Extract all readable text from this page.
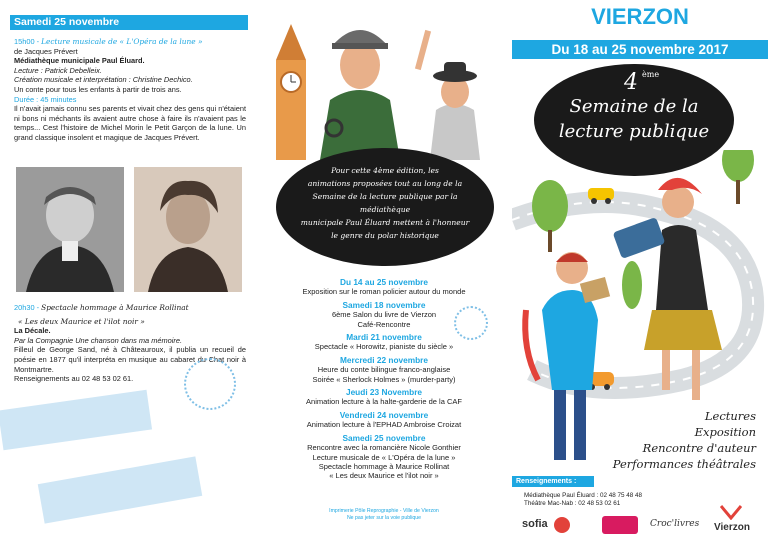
Samedi 25 novembre
15h00 - Lecture musicale de « L'Opéra de la lune »
de Jacques Prévert
Médiathèque municipale Paul Éluard.
Lecture : Patrick Debelleix.
Création musicale et interprétation : Christine Dechico.
Un conte pour tous les enfants à partir de trois ans.
Durée : 45 minutes
Il n'avait jamais connu ses parents et vivait chez des gens qui n'étaient ni bons ni méchants ils avaient autre chose à faire ils n'avaient pas le temps... Cest l'histoire de Michel Morin le Petit Garçon de la lune. Un grand classique insolent et magique de Jacques Prévert.
20h30 - Spectacle hommage à Maurice Rollinat
« Les deux Maurice et l'ilot noir »
La Décale.
Par la Compagnie Une chanson dans ma mémoire.
Filleul de George Sand, né à Châteauroux, il publia un recueil de poésie en 1877 qu'il interpréta en musique au cabaret du Chat noir à Montmartre.
Renseignements au 02 48 53 02 61.
Pour cette 4ème édition, les
animations proposées tout au long de la
Semaine de la lecture publique par la médiathèque
municipale Paul Éluard mettent à l'honneur
le genre du polar historique
Du 14 au 25 novembre
Exposition sur le roman policier autour du monde
Samedi 18 novembre
6ème Salon du livre de Vierzon
Café-Rencontre
Mardi 21 novembre
Spectacle « Horowitz, pianiste du siècle »
Mercredi 22 novembre
Heure du conte bilingue franco-anglaise
Soirée « Sherlock Holmes » (murder-party)
Jeudi 23 Novembre
Animation lecture à la halte-garderie de la CAF
Vendredi 24 novembre
Animation lecture à l'EPHAD Ambroise Croizat
Samedi 25 novembre
Rencontre avec la romancière Nicole Gonthier
Lecture musicale de « L'Opéra de la lune »
Spectacle hommage à Maurice Rollinat
« Les deux Maurice et l'ilot noir »
Imprimerie Pôle Reprographie - Ville de Vierzon
Ne pas jeter sur la voie publique
VIERZON
Du 18 au 25 novembre 2017
4 ème
Semaine de la
lecture publique
Lectures
Exposition
Rencontre d'auteur
Performances théâtrales
Renseignements :
Médiathèque Paul Éluard : 02 48 75 48 48
Théâtre Mac-Nab : 02 48 53 02 61
sofia	Croc'livres Vierzon
